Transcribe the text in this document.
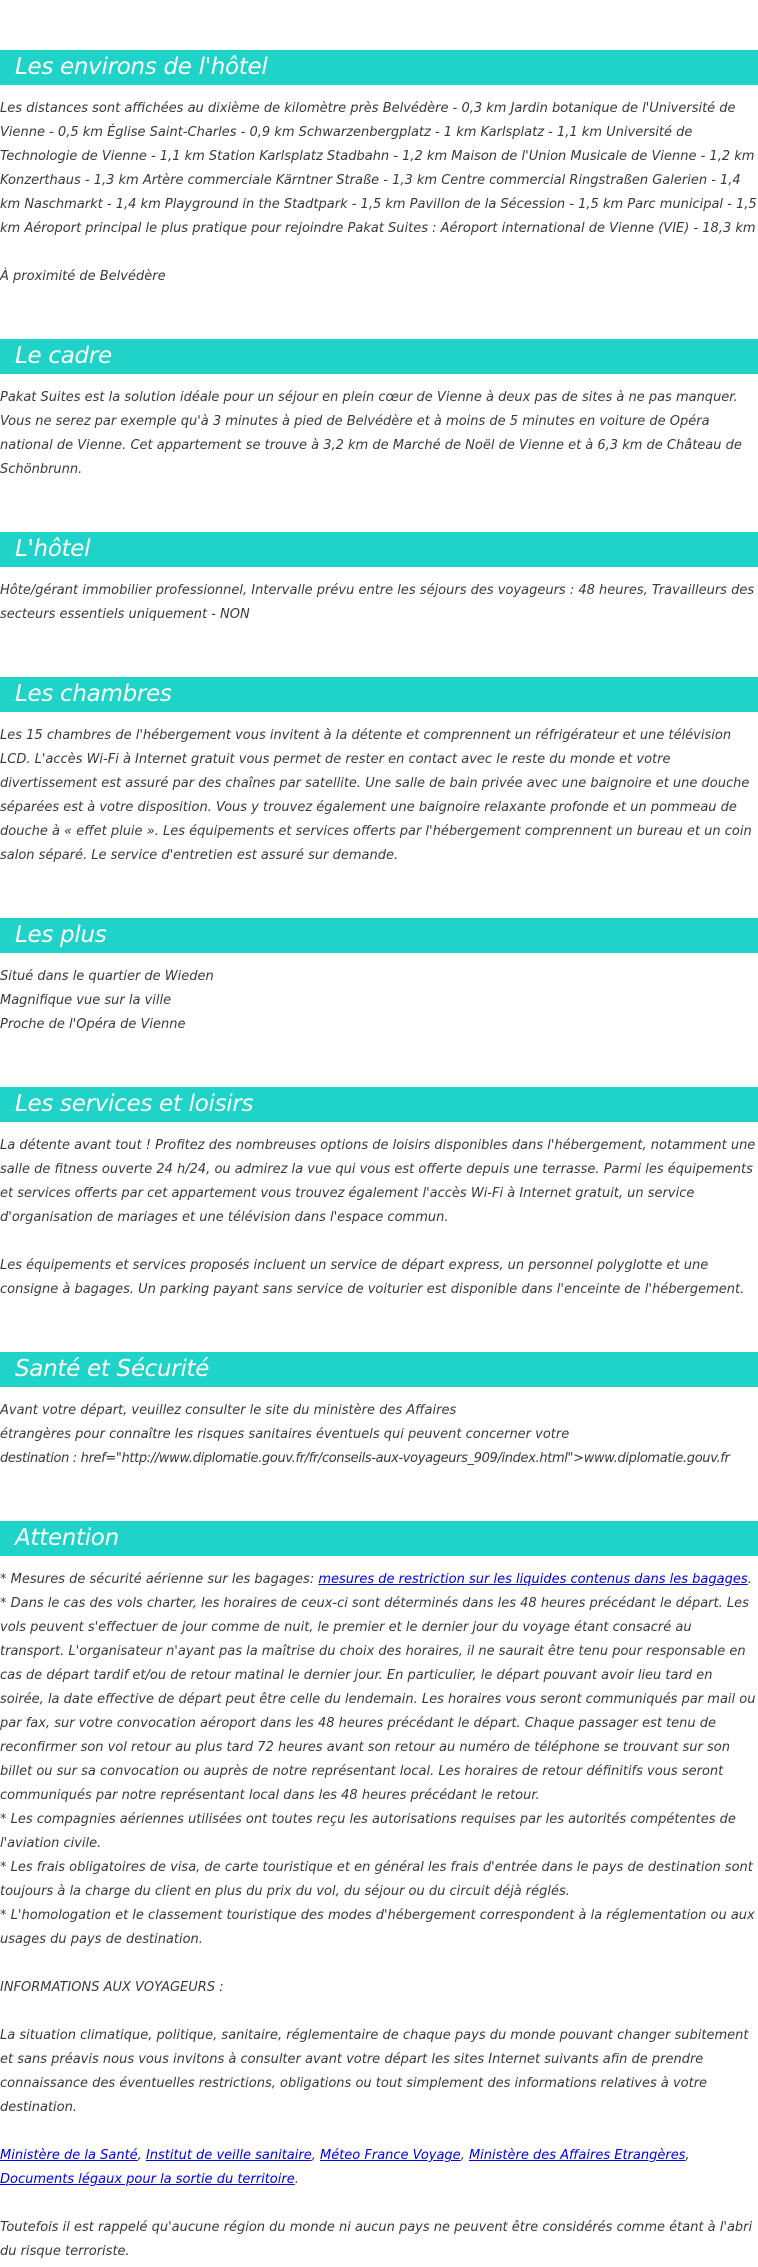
Les environs de l'hôtel

Les distances sont affichées au dixième de kilomètre près Belvédère - 0,3 km Jardin botanique de l'Université de Vienne - 0,5 km Église Saint-Charles - 0,9 km Schwarzenbergplatz - 1 km Karlsplatz - 1,1 km Université de Technologie de Vienne - 1,1 km Station Karlsplatz Stadbahn - 1,2 km Maison de l'Union Musicale de Vienne - 1,2 km Konzerthaus - 1,3 km Artère commerciale Kärntner Straße - 1,3 km Centre commercial Ringstraßen Galerien - 1,4 km Naschmarkt - 1,4 km Playground in the Stadtpark - 1,5 km Pavillon de la Sécession - 1,5 km Parc municipal - 1,5 km Aéroport principal le plus pratique pour rejoindre Pakat Suites : Aéroport international de Vienne (VIE) - 18,3 km

À proximité de Belvédère

Le cadre

Pakat Suites est la solution idéale pour un séjour en plein cœur de Vienne à deux pas de sites à ne pas manquer. Vous ne serez par exemple qu'à 3 minutes à pied de Belvédère et à moins de 5 minutes en voiture de Opéra national de Vienne. Cet appartement se trouve à 3,2 km de Marché de Noël de Vienne et à 6,3 km de Château de Schönbrunn.

L'hôtel

Hôte/gérant immobilier professionnel, Intervalle prévu entre les séjours des voyageurs : 48 heures, Travailleurs des secteurs essentiels uniquement - NON

Les chambres

Les 15 chambres de l'hébergement vous invitent à la détente et comprennent un réfrigérateur et une télévision LCD. L'accès Wi-Fi à Internet gratuit vous permet de rester en contact avec le reste du monde et votre divertissement est assuré par des chaînes par satellite. Une salle de bain privée avec une baignoire et une douche séparées est à votre disposition. Vous y trouvez également une baignoire relaxante profonde et un pommeau de douche à « effet pluie ». Les équipements et services offerts par l'hébergement comprennent un bureau et un coin salon séparé. Le service d'entretien est assuré sur demande.

Les plus
Situé dans le quartier de Wieden
Magnifique vue sur la ville
Proche de l'Opéra de Vienne
Les services et loisirs

La détente avant tout ! Profitez des nombreuses options de loisirs disponibles dans l'hébergement, notamment une salle de fitness ouverte 24 h/24, ou admirez la vue qui vous est offerte depuis une terrasse. Parmi les équipements et services offerts par cet appartement vous trouvez également l'accès Wi-Fi à Internet gratuit, un service d'organisation de mariages et une télévision dans l'espace commun.

Les équipements et services proposés incluent un service de départ express, un personnel polyglotte et une consigne à bagages. Un parking payant sans service de voiturier est disponible dans l'enceinte de l'hébergement.

Santé et Sécurité
Avant votre départ, veuillez consulter le site du ministère des Affaires
étrangères pour connaître les risques sanitaires éventuels qui peuvent concerner votre
destination : href="http://www.diplomatie.gouv.fr/fr/conseils-aux-voyageurs_909/index.html">www.diplomatie.gouv.fr
Attention

* Mesures de sécurité aérienne sur les bagages: mesures de restriction sur les liquides contenus dans les bagages.

* Dans le cas des vols charter, les horaires de ceux-ci sont déterminés dans les 48 heures précédant le départ. Les vols peuvent s'effectuer de jour comme de nuit, le premier et le dernier jour du voyage étant consacré au transport. L'organisateur n'ayant pas la maîtrise du choix des horaires, il ne saurait être tenu pour responsable en cas de départ tardif et/ou de retour matinal le dernier jour. En particulier, le départ pouvant avoir lieu tard en soirée, la date effective de départ peut être celle du lendemain. Les horaires vous seront communiqués par mail ou par fax, sur votre convocation aéroport dans les 48 heures précédant le départ. Chaque passager est tenu de reconfirmer son vol retour au plus tard 72 heures avant son retour au numéro de téléphone se trouvant sur son billet ou sur sa convocation ou auprès de notre représentant local. Les horaires de retour définitifs vous seront communiqués par notre représentant local dans les 48 heures précédant le retour.

* Les compagnies aériennes utilisées ont toutes reçu les autorisations requises par les autorités compétentes de l'aviation civile.

* Les frais obligatoires de visa, de carte touristique et en général les frais d'entrée dans le pays de destination sont toujours à la charge du client en plus du prix du vol, du séjour ou du circuit déjà réglés.

* L'homologation et le classement touristique des modes d'hébergement correspondent à la réglementation ou aux usages du pays de destination.

INFORMATIONS AUX VOYAGEURS :

La situation climatique, politique, sanitaire, réglementaire de chaque pays du monde pouvant changer subitement et sans préavis nous vous invitons à consulter avant votre départ les sites Internet suivants afin de prendre connaissance des éventuelles restrictions, obligations ou tout simplement des informations relatives à votre destination.

Ministère de la Santé, Institut de veille sanitaire, Méteo France Voyage, Ministère des Affaires Etrangères, Documents légaux pour la sortie du territoire.

Toutefois il est rappelé qu'aucune région du monde ni aucun pays ne peuvent être considérés comme étant à l'abri du risque terroriste.
